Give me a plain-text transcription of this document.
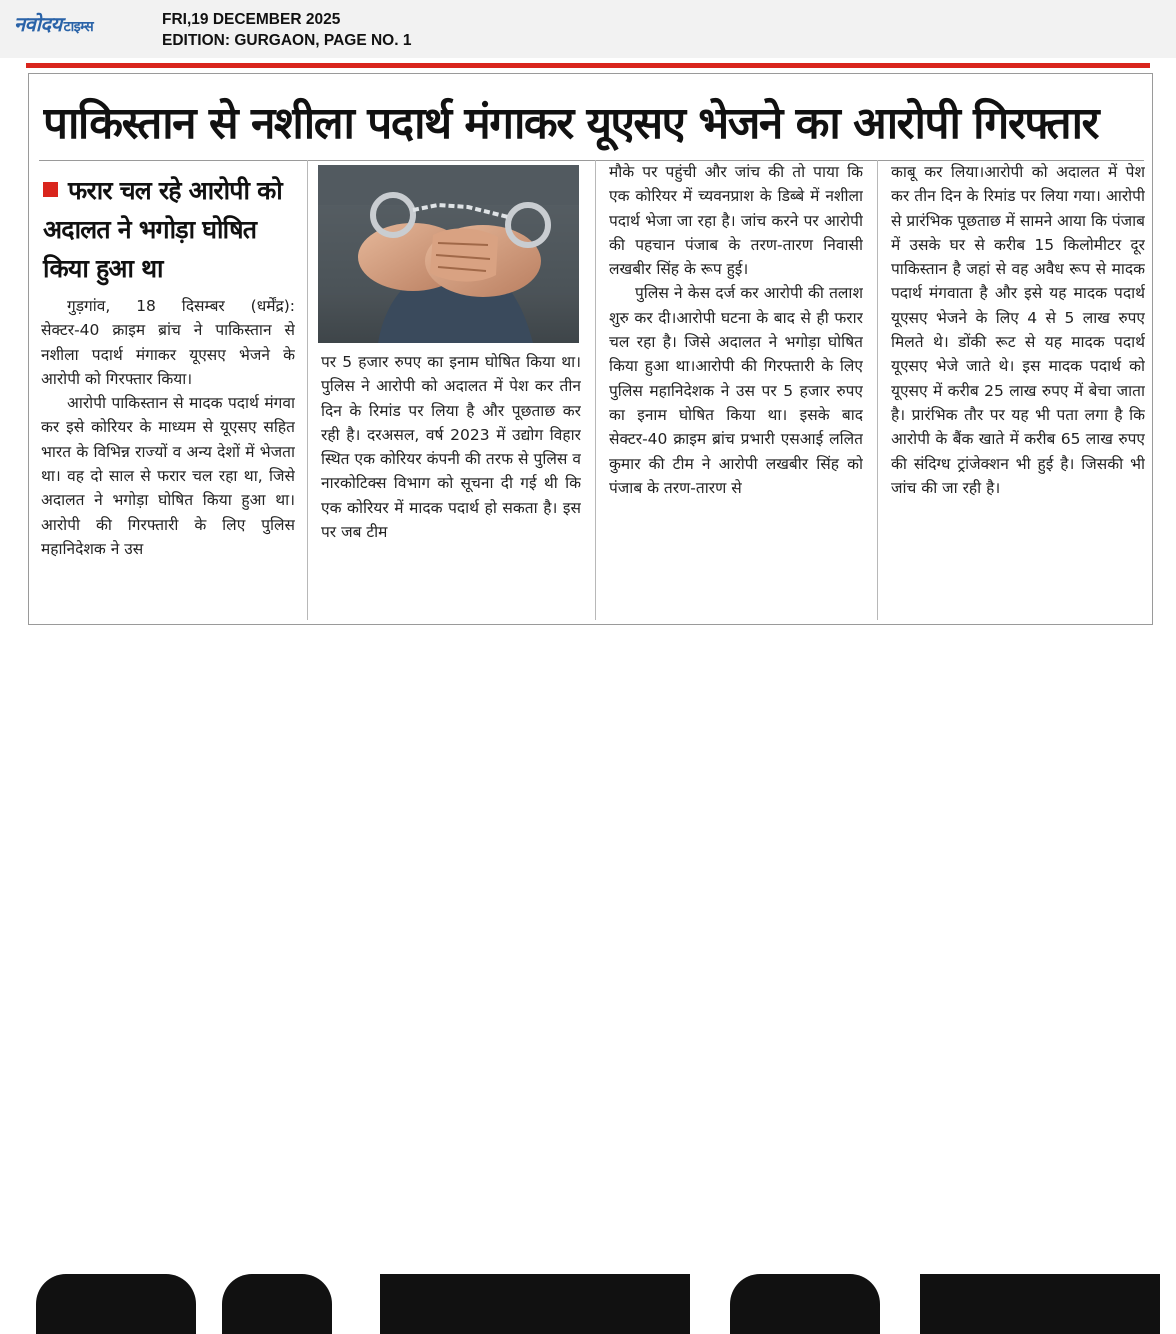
नवोदय टाइम्स	FRI,19 DECEMBER 2025
EDITION: GURGAON, PAGE NO. 1
पाकिस्तान से नशीला पदार्थ मंगाकर यूएसए भेजने का आरोपी गिरफ्तार
फरार चल रहे आरोपी को अदालत ने भगोड़ा घोषित किया हुआ था

गुड़गांव, 18 दिसम्बर (धर्मेंद्र): सेक्टर-40 क्राइम ब्रांच ने पाकिस्तान से नशीला पदार्थ मंगाकर यूएसए भेजने के आरोपी को गिरफ्तार किया।

आरोपी पाकिस्तान से मादक पदार्थ मंगवा कर इसे कोरियर के माध्यम से यूएसए सहित भारत के विभिन्न राज्यों व अन्य देशों में भेजता था। वह दो साल से फरार चल रहा था, जिसे अदालत ने भगोड़ा घोषित किया हुआ था।आरोपी की गिरफ्तारी के लिए पुलिस महानिदेशक ने उस

पर 5 हजार रुपए का इनाम घोषित किया था। पुलिस ने आरोपी को अदालत में पेश कर तीन दिन के रिमांड पर लिया है और पूछताछ कर रही है। दरअसल, वर्ष 2023 में उद्योग विहार स्थित एक कोरियर कंपनी की तरफ से पुलिस व नारकोटिक्स विभाग को सूचना दी गई थी कि एक कोरियर में मादक पदार्थ हो सकता है। इस पर जब टीम

मौके पर पहुंची और जांच की तो पाया कि एक कोरियर में च्यवनप्राश के डिब्बे में नशीला पदार्थ भेजा जा रहा है। जांच करने पर आरोपी की पहचान पंजाब के तरण-तारण निवासी लखबीर सिंह के रूप हुई।

पुलिस ने केस दर्ज कर आरोपी की तलाश शुरु कर दी।आरोपी घटना के बाद से ही फरार चल रहा है। जिसे अदालत ने भगोड़ा घोषित किया हुआ था।आरोपी की गिरफ्तारी के लिए पुलिस महानिदेशक ने उस पर 5 हजार रुपए का इनाम घोषित किया था। इसके बाद सेक्टर-40 क्राइम ब्रांच प्रभारी एसआई ललित कुमार की टीम ने आरोपी लखबीर सिंह को पंजाब के तरण-तारण से

काबू कर लिया।आरोपी को अदालत में पेश कर तीन दिन के रिमांड पर लिया गया। आरोपी से प्रारंभिक पूछताछ में सामने आया कि पंजाब में उसके घर से करीब 15 किलोमीटर दूर पाकिस्तान है जहां से वह अवैध रूप से मादक पदार्थ मंगवाता है और इसे यह मादक पदार्थ यूएसए भेजने के लिए 4 से 5 लाख रुपए मिलते थे। डोंकी रूट से यह मादक पदार्थ यूएसए भेजे जाते थे। इस मादक पदार्थ को यूएसए में करीब 25 लाख रुपए में बेचा जाता है। प्रारंभिक तौर पर यह भी पता लगा है कि आरोपी के बैंक खाते में करीब 65 लाख रुपए की संदिग्ध ट्रांजेक्शन भी हुई है। जिसकी भी जांच की जा रही है।
